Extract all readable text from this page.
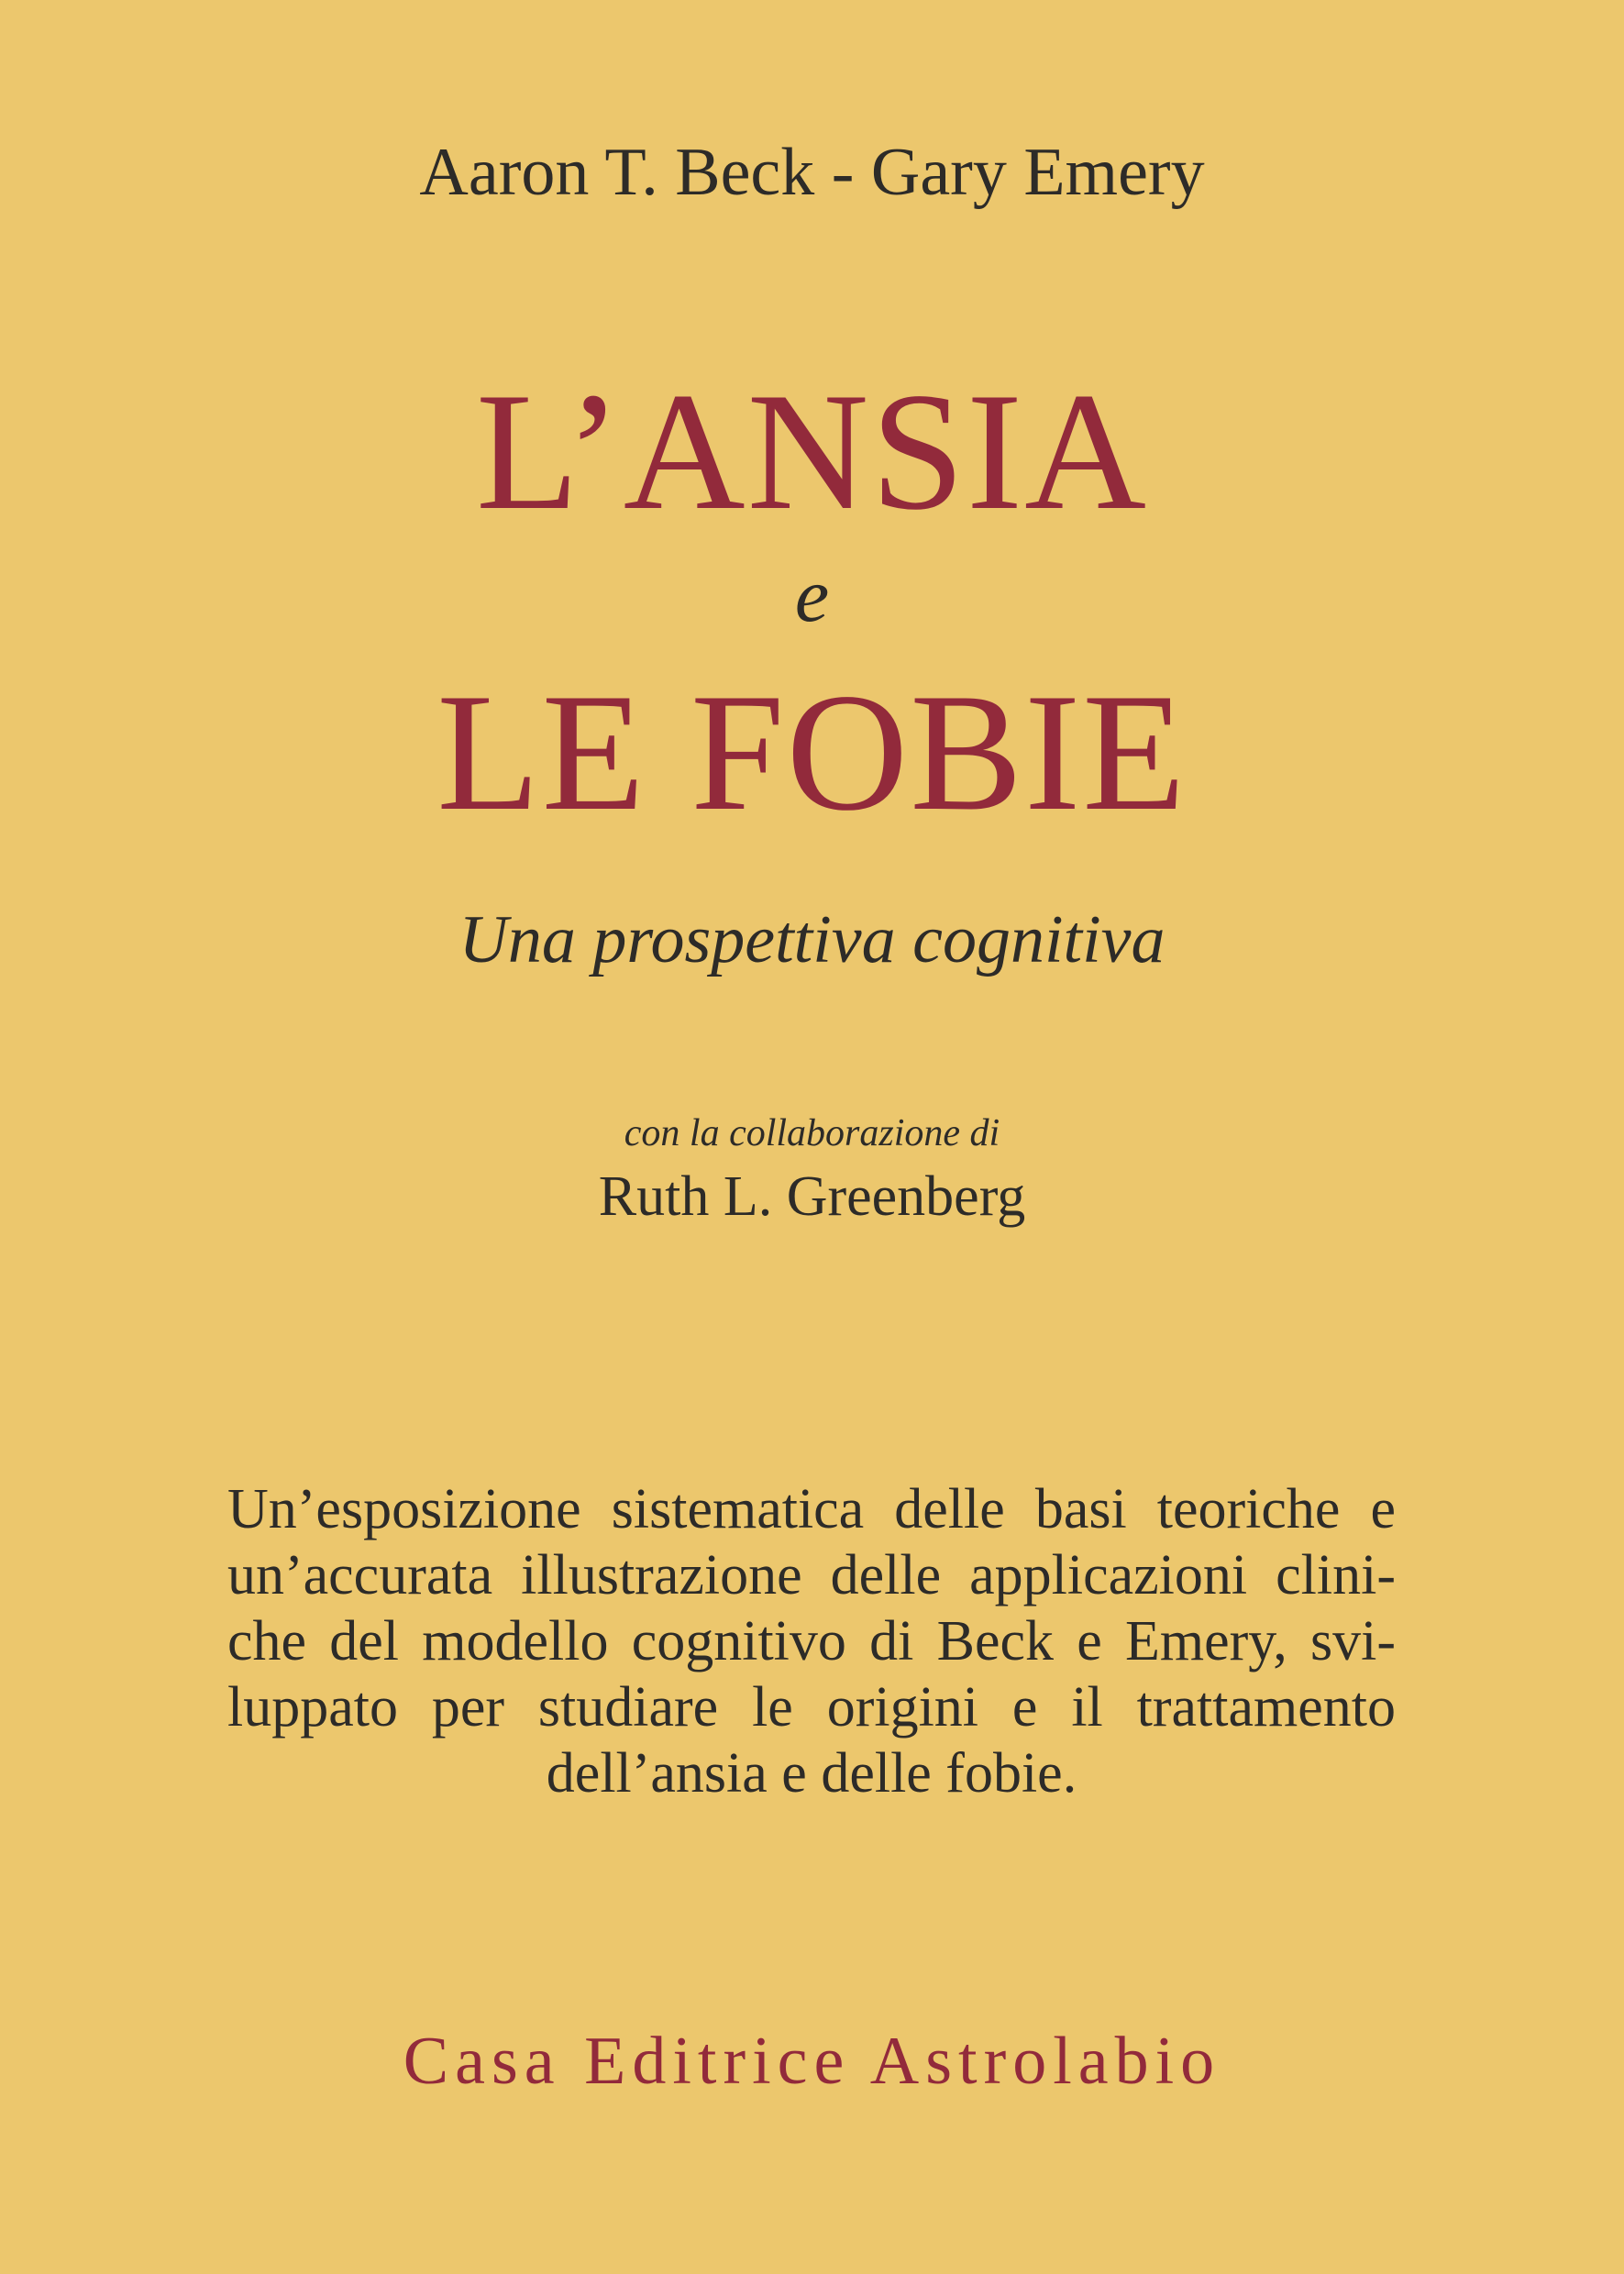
Aaron T. Beck - Gary Emery

L’ANSIA

e

LE FOBIE

Una prospettiva cognitiva

con la collaborazione di

Ruth L. Greenberg

Un’esposizione sistematica delle basi teoriche e
un’accurata illustrazione delle applicazioni clini-
che del modello cognitivo di Beck e Emery, svi-
luppato per studiare le origini e il trattamento
dell’ansia e delle fobie.

Casa Editrice Astrolabio
